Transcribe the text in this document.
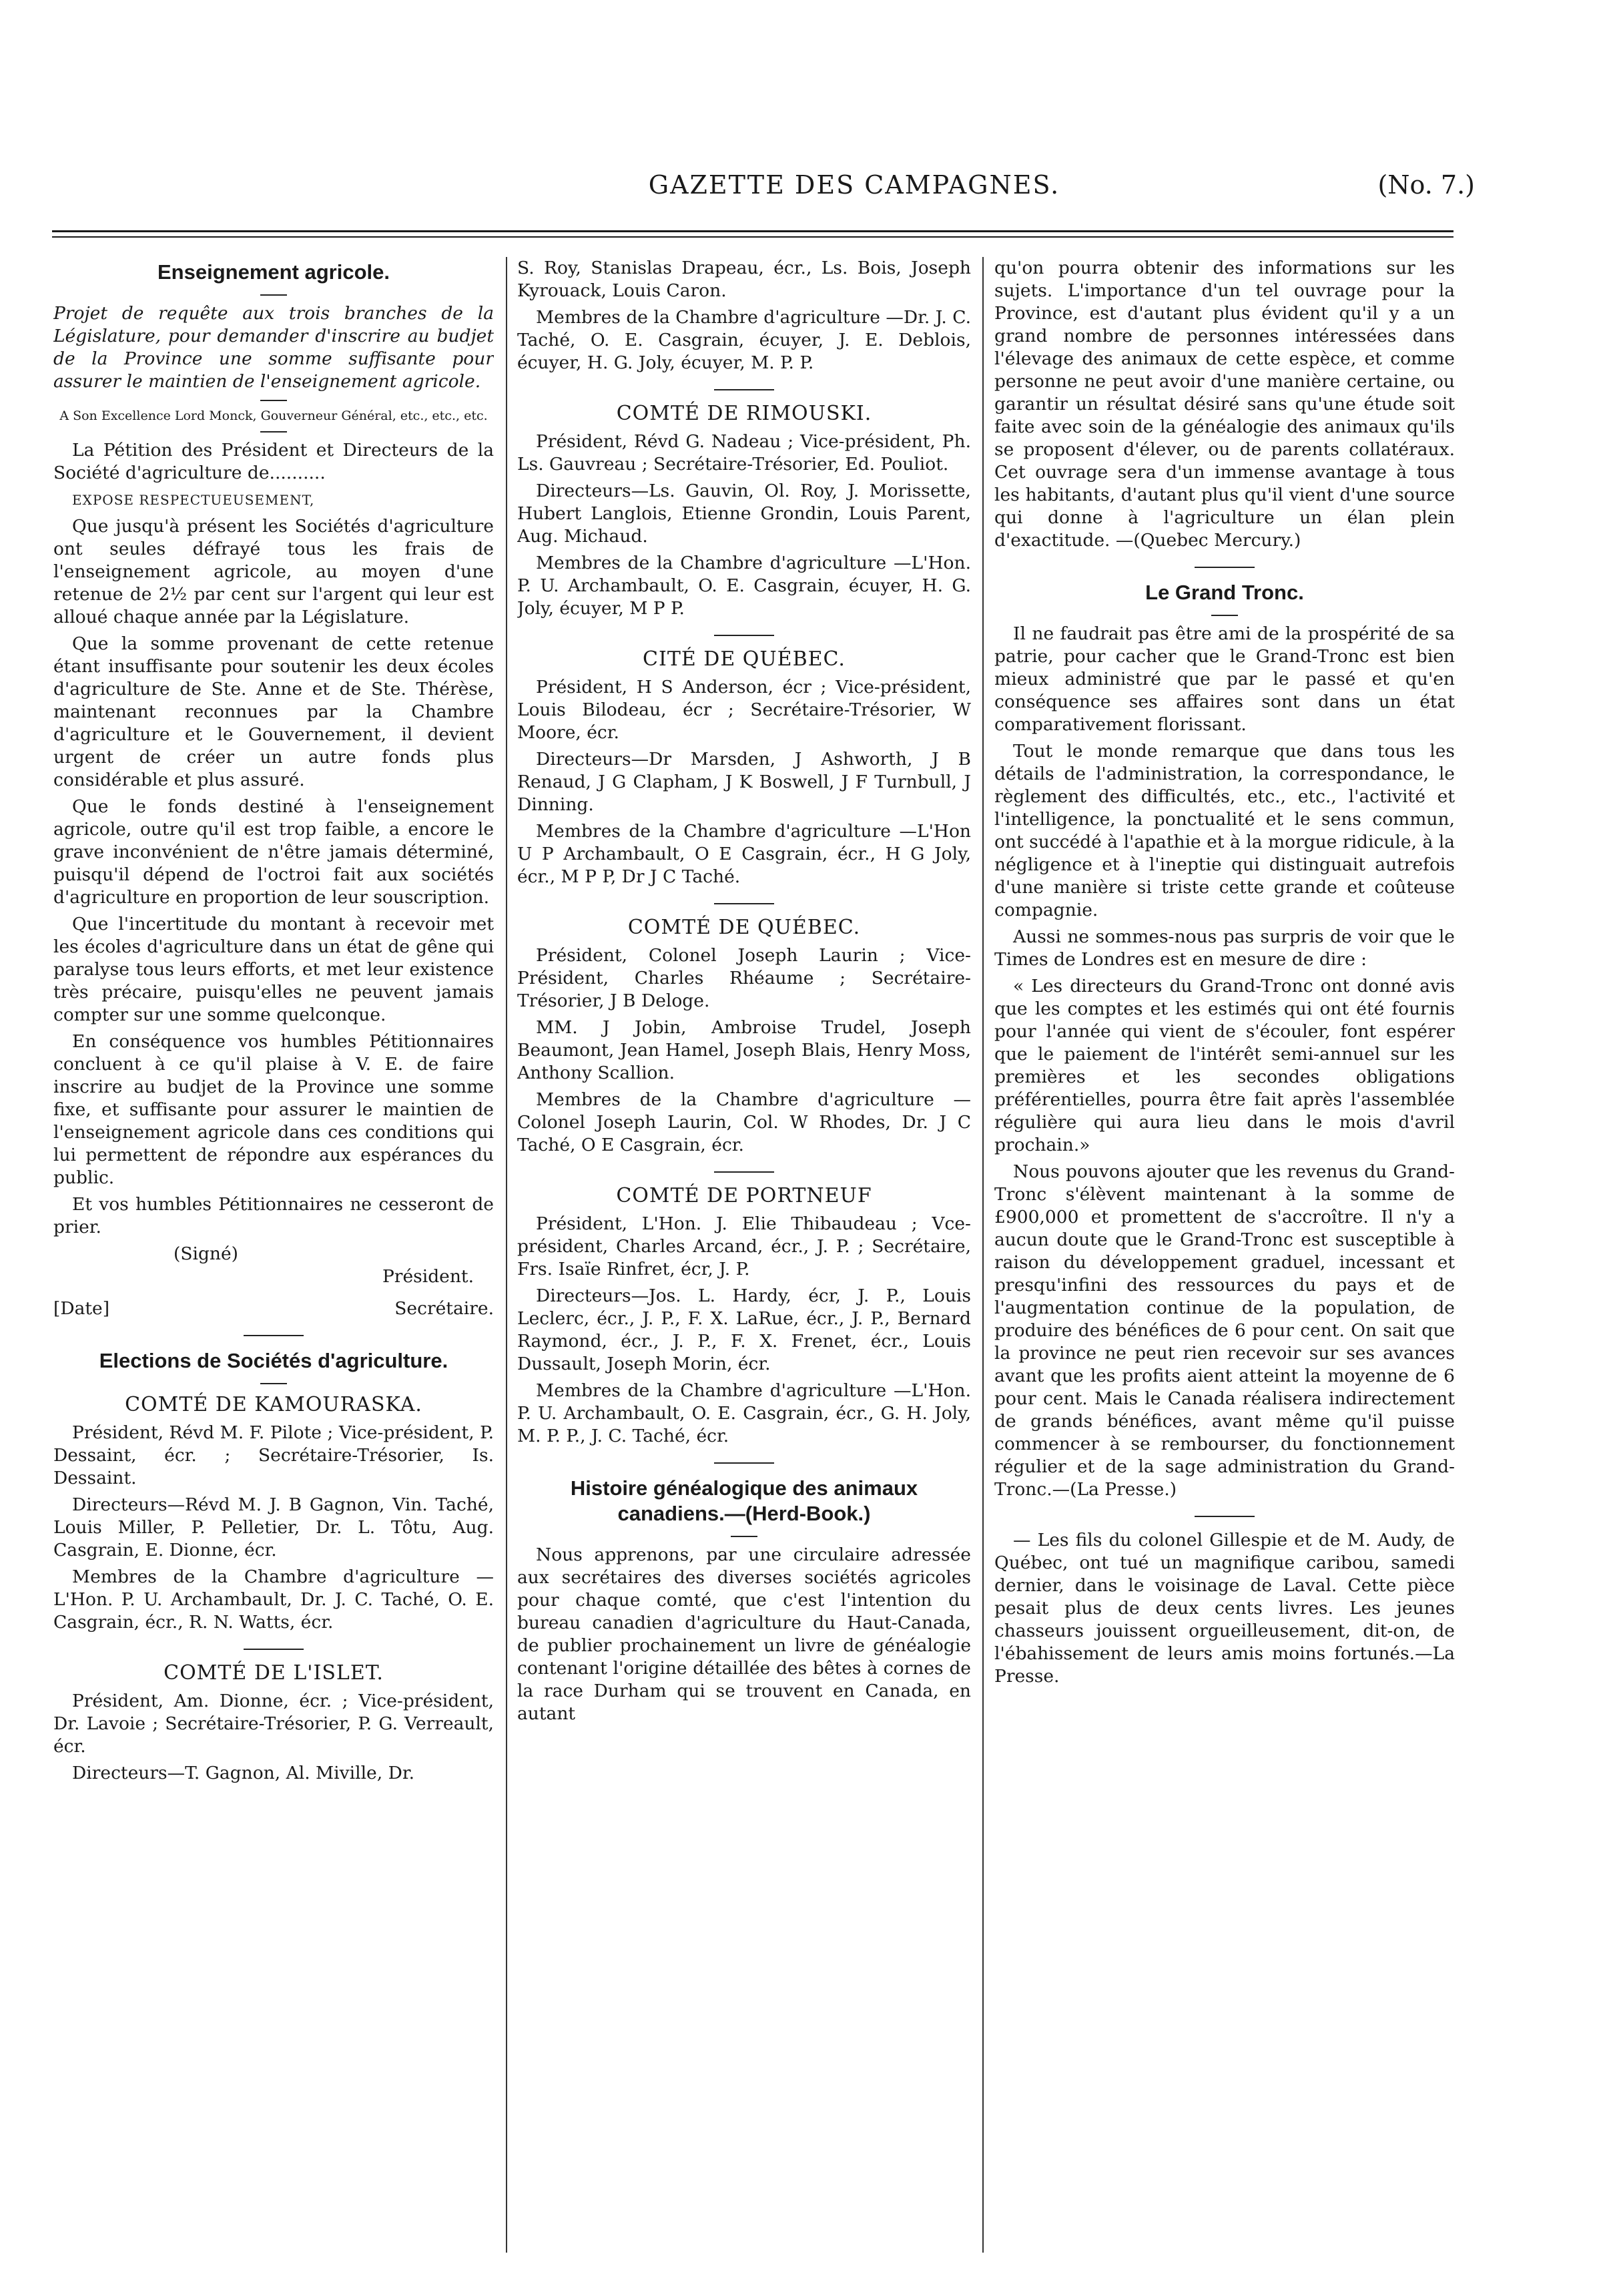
GAZETTE DES CAMPAGNES.	(No. 7.)
Enseignement agricole.

Projet de requête aux trois branches de la Législature, pour demander d'inscrire au budjet de la Province une somme suffisante pour assurer le maintien de l'enseignement agricole.

A Son Excellence Lord Monck, Gouverneur Général, etc., etc., etc.

La Pétition des Président et Directeurs de la Société d'agriculture de..........

EXPOSE RESPECTUEUSEMENT,

Que jusqu'à présent les Sociétés d'agriculture ont seules défrayé tous les frais de l'enseignement agricole, au moyen d'une retenue de 2½ par cent sur l'argent qui leur est alloué chaque année par la Législature.

Que la somme provenant de cette retenue étant insuffisante pour soutenir les deux écoles d'agriculture de Ste. Anne et de Ste. Thérèse, maintenant reconnues par la Chambre d'agriculture et le Gouvernement, il devient urgent de créer un autre fonds plus considérable et plus assuré.

Que le fonds destiné à l'enseignement agricole, outre qu'il est trop faible, a encore le grave inconvénient de n'être jamais déterminé, puisqu'il dépend de l'octroi fait aux sociétés d'agriculture en proportion de leur souscription.

Que l'incertitude du montant à recevoir met les écoles d'agriculture dans un état de gêne qui paralyse tous leurs efforts, et met leur existence très précaire, puisqu'elles ne peuvent jamais compter sur une somme quelconque.

En conséquence vos humbles Pétitionnaires concluent à ce qu'il plaise à V. E. de faire inscrire au budjet de la Province une somme fixe, et suffisante pour assurer le maintien de l'enseignement agricole dans ces conditions qui lui permettent de répondre aux espérances du public.

Et vos humbles Pétitionnaires ne cesseront de prier.

(Signé)
Président.
[Date]	Secrétaire.
Elections de Sociétés d'agriculture.
COMTÉ DE KAMOURASKA.

Président, Révd M. F. Pilote ; Vice-président, P. Dessaint, écr. ; Secrétaire-Trésorier, Is. Dessaint.

Directeurs—Révd M. J. B Gagnon, Vin. Taché, Louis Miller, P. Pelletier, Dr. L. Tôtu, Aug. Casgrain, E. Dionne, écr.

Membres de la Chambre d'agriculture —L'Hon. P. U. Archambault, Dr. J. C. Taché, O. E. Casgrain, écr., R. N. Watts, écr.

COMTÉ DE L'ISLET.

Président, Am. Dionne, écr. ; Vice-président, Dr. Lavoie ; Secrétaire-Trésorier, P. G. Verreault, écr.

Directeurs—T. Gagnon, Al. Miville, Dr.

S. Roy, Stanislas Drapeau, écr., Ls. Bois, Joseph Kyrouack, Louis Caron.

Membres de la Chambre d'agriculture —Dr. J. C. Taché, O. E. Casgrain, écuyer, J. E. Deblois, écuyer, H. G. Joly, écuyer, M. P. P.

COMTÉ DE RIMOUSKI.

Président, Révd G. Nadeau ; Vice-président, Ph. Ls. Gauvreau ; Secrétaire-Trésorier, Ed. Pouliot.

Directeurs—Ls. Gauvin, Ol. Roy, J. Morissette, Hubert Langlois, Etienne Grondin, Louis Parent, Aug. Michaud.

Membres de la Chambre d'agriculture —L'Hon. P. U. Archambault, O. E. Casgrain, écuyer, H. G. Joly, écuyer, M P P.

CITÉ DE QUÉBEC.

Président, H S Anderson, écr ; Vice-président, Louis Bilodeau, écr ; Secrétaire-Trésorier, W Moore, écr.

Directeurs—Dr Marsden, J Ashworth, J B Renaud, J G Clapham, J K Boswell, J F Turnbull, J Dinning.

Membres de la Chambre d'agriculture —L'Hon U P Archambault, O E Casgrain, écr., H G Joly, écr., M P P, Dr J C Taché.

COMTÉ DE QUÉBEC.

Président, Colonel Joseph Laurin ; Vice-Président, Charles Rhéaume ; Secrétaire-Trésorier, J B Deloge.

MM. J Jobin, Ambroise Trudel, Joseph Beaumont, Jean Hamel, Joseph Blais, Henry Moss, Anthony Scallion.

Membres de la Chambre d'agriculture —Colonel Joseph Laurin, Col. W Rhodes, Dr. J C Taché, O E Casgrain, écr.

COMTÉ DE PORTNEUF

Président, L'Hon. J. Elie Thibaudeau ; Vce-président, Charles Arcand, écr., J. P. ; Secrétaire, Frs. Isaïe Rinfret, écr, J. P.

Directeurs—Jos. L. Hardy, écr, J. P., Louis Leclerc, écr., J. P., F. X. LaRue, écr., J. P., Bernard Raymond, écr., J. P., F. X. Frenet, écr., Louis Dussault, Joseph Morin, écr.

Membres de la Chambre d'agriculture —L'Hon. P. U. Archambault, O. E. Casgrain, écr., G. H. Joly, M. P. P., J. C. Taché, écr.

Histoire généalogique des animaux canadiens.—(Herd-Book.)

Nous apprenons, par une circulaire adressée aux secrétaires des diverses sociétés agricoles pour chaque comté, que c'est l'intention du bureau canadien d'agriculture du Haut-Canada, de publier prochainement un livre de généalogie contenant l'origine détaillée des bêtes à cornes de la race Durham qui se trouvent en Canada, en autant

qu'on pourra obtenir des informations sur les sujets. L'importance d'un tel ouvrage pour la Province, est d'autant plus évident qu'il y a un grand nombre de personnes intéressées dans l'élevage des animaux de cette espèce, et comme personne ne peut avoir d'une manière certaine, ou garantir un résultat désiré sans qu'une étude soit faite avec soin de la généalogie des animaux qu'ils se proposent d'élever, ou de parents collatéraux. Cet ouvrage sera d'un immense avantage à tous les habitants, d'autant plus qu'il vient d'une source qui donne à l'agriculture un élan plein d'exactitude. —(Quebec Mercury.)

Le Grand Tronc.

Il ne faudrait pas être ami de la prospérité de sa patrie, pour cacher que le Grand-Tronc est bien mieux administré que par le passé et qu'en conséquence ses affaires sont dans un état comparativement florissant.

Tout le monde remarque que dans tous les détails de l'administration, la correspondance, le règlement des difficultés, etc., etc., l'activité et l'intelligence, la ponctualité et le sens commun, ont succédé à l'apathie et à la morgue ridicule, à la négligence et à l'ineptie qui distinguait autrefois d'une manière si triste cette grande et coûteuse compagnie.

Aussi ne sommes-nous pas surpris de voir que le Times de Londres est en mesure de dire :

« Les directeurs du Grand-Tronc ont donné avis que les comptes et les estimés qui ont été fournis pour l'année qui vient de s'écouler, font espérer que le paiement de l'intérêt semi-annuel sur les premières et les secondes obligations préférentielles, pourra être fait après l'assemblée régulière qui aura lieu dans le mois d'avril prochain.»

Nous pouvons ajouter que les revenus du Grand-Tronc s'élèvent maintenant à la somme de £900,000 et promettent de s'accroître. Il n'y a aucun doute que le Grand-Tronc est susceptible à raison du développement graduel, incessant et presqu'infini des ressources du pays et de l'augmentation continue de la population, de produire des bénéfices de 6 pour cent. On sait que la province ne peut rien recevoir sur ses avances avant que les profits aient atteint la moyenne de 6 pour cent. Mais le Canada réalisera indirectement de grands bénéfices, avant même qu'il puisse commencer à se rembourser, du fonctionnement régulier et de la sage administration du Grand-Tronc.—(La Presse.)

— Les fils du colonel Gillespie et de M. Audy, de Québec, ont tué un magnifique caribou, samedi dernier, dans le voisinage de Laval. Cette pièce pesait plus de deux cents livres. Les jeunes chasseurs jouissent orgueilleusement, dit-on, de l'ébahissement de leurs amis moins fortunés.—La Presse.
